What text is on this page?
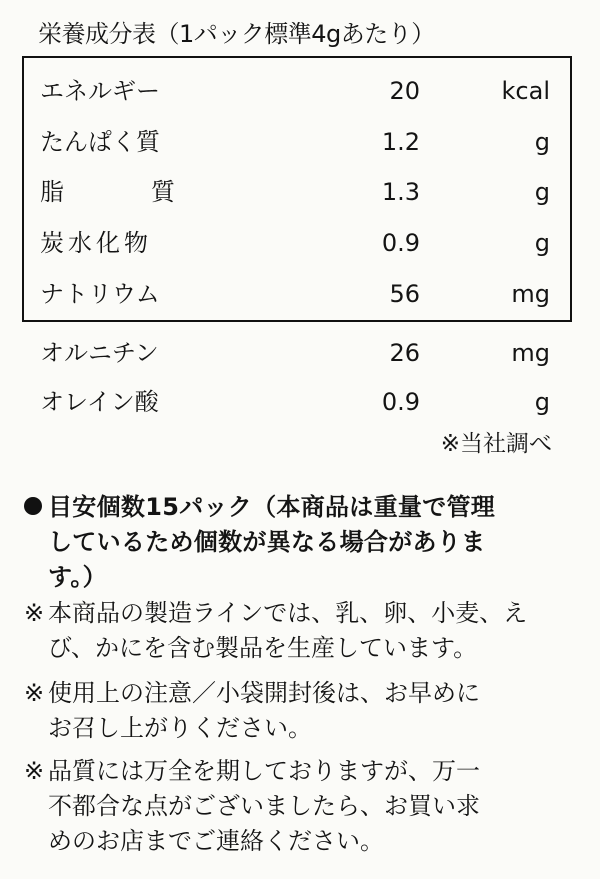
栄養成分表（1パック標準4gあたり）
エネルギー	20	kcal
たんぱく質	1.2	g
脂	質	1.3	g
炭水化物	0.9	g
ナトリウム	56	mg
オルニチン	26	mg
オレイン酸	0.9	g
※当社調べ
目安個数15パック（本商品は重量で管理
しているため個数が異なる場合がありま
す。）
※ 本商品の製造ラインでは、乳、卵、小麦、え
び、かにを含む製品を生産しています。
※ 使用上の注意／小袋開封後は、お早めに
お召し上がりください。
※ 品質には万全を期しておりますが、万一
不都合な点がございましたら、お買い求
めのお店までご連絡ください。
